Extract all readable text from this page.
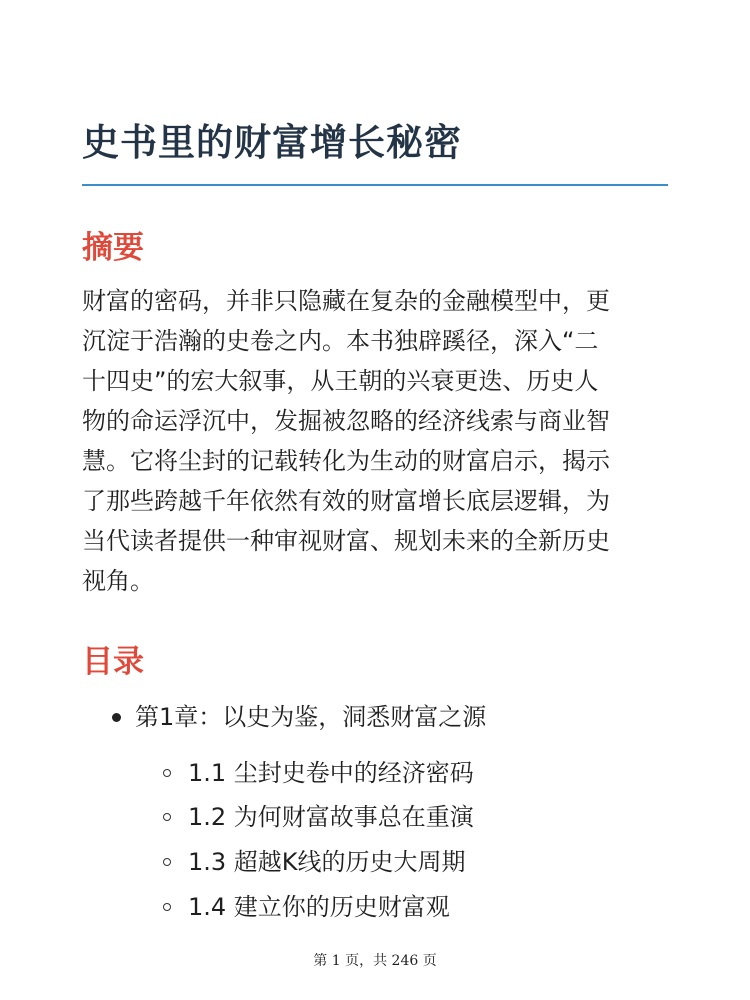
史书里的财富增长秘密
摘要
财富的密码，并非只隐藏在复杂的金融模型中，更
沉淀于浩瀚的史卷之内。本书独辟蹊径，深入“二
十四史”的宏大叙事，从王朝的兴衰更迭、历史人
物的命运浮沉中，发掘被忽略的经济线索与商业智
慧。它将尘封的记载转化为生动的财富启示，揭示
了那些跨越千年依然有效的财富增长底层逻辑，为
当代读者提供一种审视财富、规划未来的全新历史
视角。
目录
第1章：以史为鉴，洞悉财富之源
1.1 尘封史卷中的经济密码
1.2 为何财富故事总在重演
1.3 超越K线的历史大周期
1.4 建立你的历史财富观
第 1 页，共 246 页
